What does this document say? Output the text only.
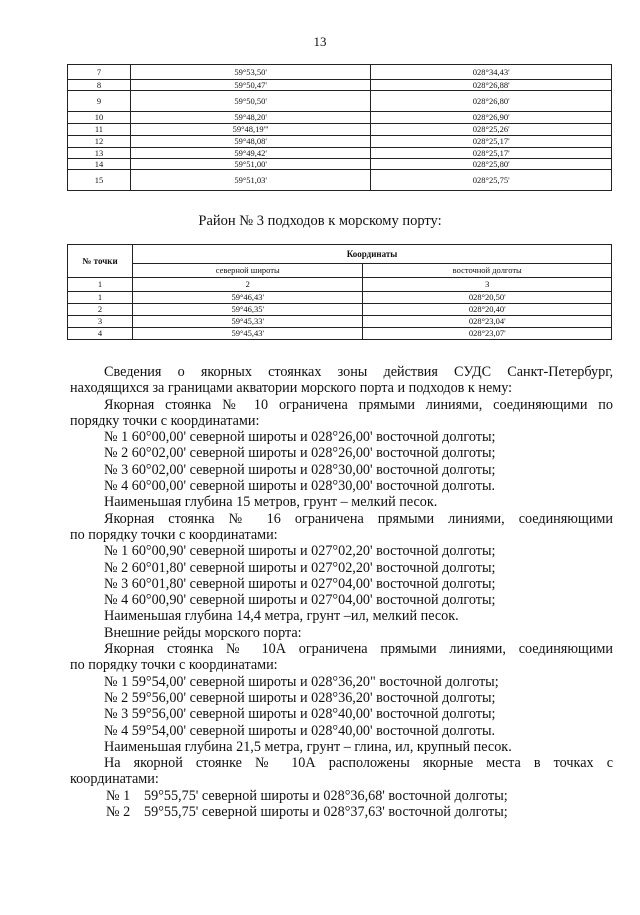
13
7	59°53,50'	028°34,43'
8	59°50,47'	028°26,88'
9	59°50,50'	028°26,80'
10	59°48,20'	028°26,90'
11	59°48,19'"	028°25,26'
12	59°48,08'	028°25,17'
13	59°49,42'	028°25,17'
14	59°51,00'	028°25,80'
15	59°51,03'	028°25,75'
Район № 3 подходов к морскому порту:
№ точки	Координаты	
	северной широты	восточной долготы
1	2	3
1	59°46,43'	028°20,50'
2	59°46,35'	028°20,40'
3	59°45,33'	028°23,04'
4	59°45,43'	028°23,07'

Сведения о якорных стоянках зоны действия СУДС Санкт-Петербург,

находящихся за границами акватории морского порта и подходов к нему:

Якорная стоянка № 10 ограничена прямыми линиями, соединяющими по

порядку точки с координатами:

№ 1 60°00,00' северной широты и 028°26,00' восточной долготы;

№ 2 60°02,00' северной широты и 028°26,00' восточной долготы;

№ 3 60°02,00' северной широты и 028°30,00' восточной долготы;

№ 4 60°00,00' северной широты и 028°30,00' восточной долготы.

Наименьшая глубина 15 метров, грунт – мелкий песок.

Якорная стоянка № 16 ограничена прямыми линиями, соединяющими

по порядку точки с координатами:

№ 1 60°00,90' северной широты и 027°02,20' восточной долготы;

№ 2 60°01,80' северной широты и 027°02,20' восточной долготы;

№ 3 60°01,80' северной широты и 027°04,00' восточной долготы;

№ 4 60°00,90' северной широты и 027°04,00' восточной долготы;

Наименьшая глубина 14,4 метра, грунт –ил, мелкий песок.

Внешние рейды морского порта:

Якорная стоянка № 10А ограничена прямыми линиями, соединяющими

по порядку точки с координатами:

№ 1 59°54,00' северной широты и 028°36,20" восточной долготы;

№ 2 59°56,00' северной широты и 028°36,20' восточной долготы;

№ 3 59°56,00' северной широты и 028°40,00' восточной долготы;

№ 4 59°54,00' северной широты и 028°40,00' восточной долготы.

Наименьшая глубина 21,5 метра, грунт – глина, ил, крупный песок.

На якорной стоянке № 10А расположены якорные места в точках с

координатами:

№ 1 59°55,75' северной широты и 028°36,68' восточной долготы;

№ 2 59°55,75' северной широты и 028°37,63' восточной долготы;
